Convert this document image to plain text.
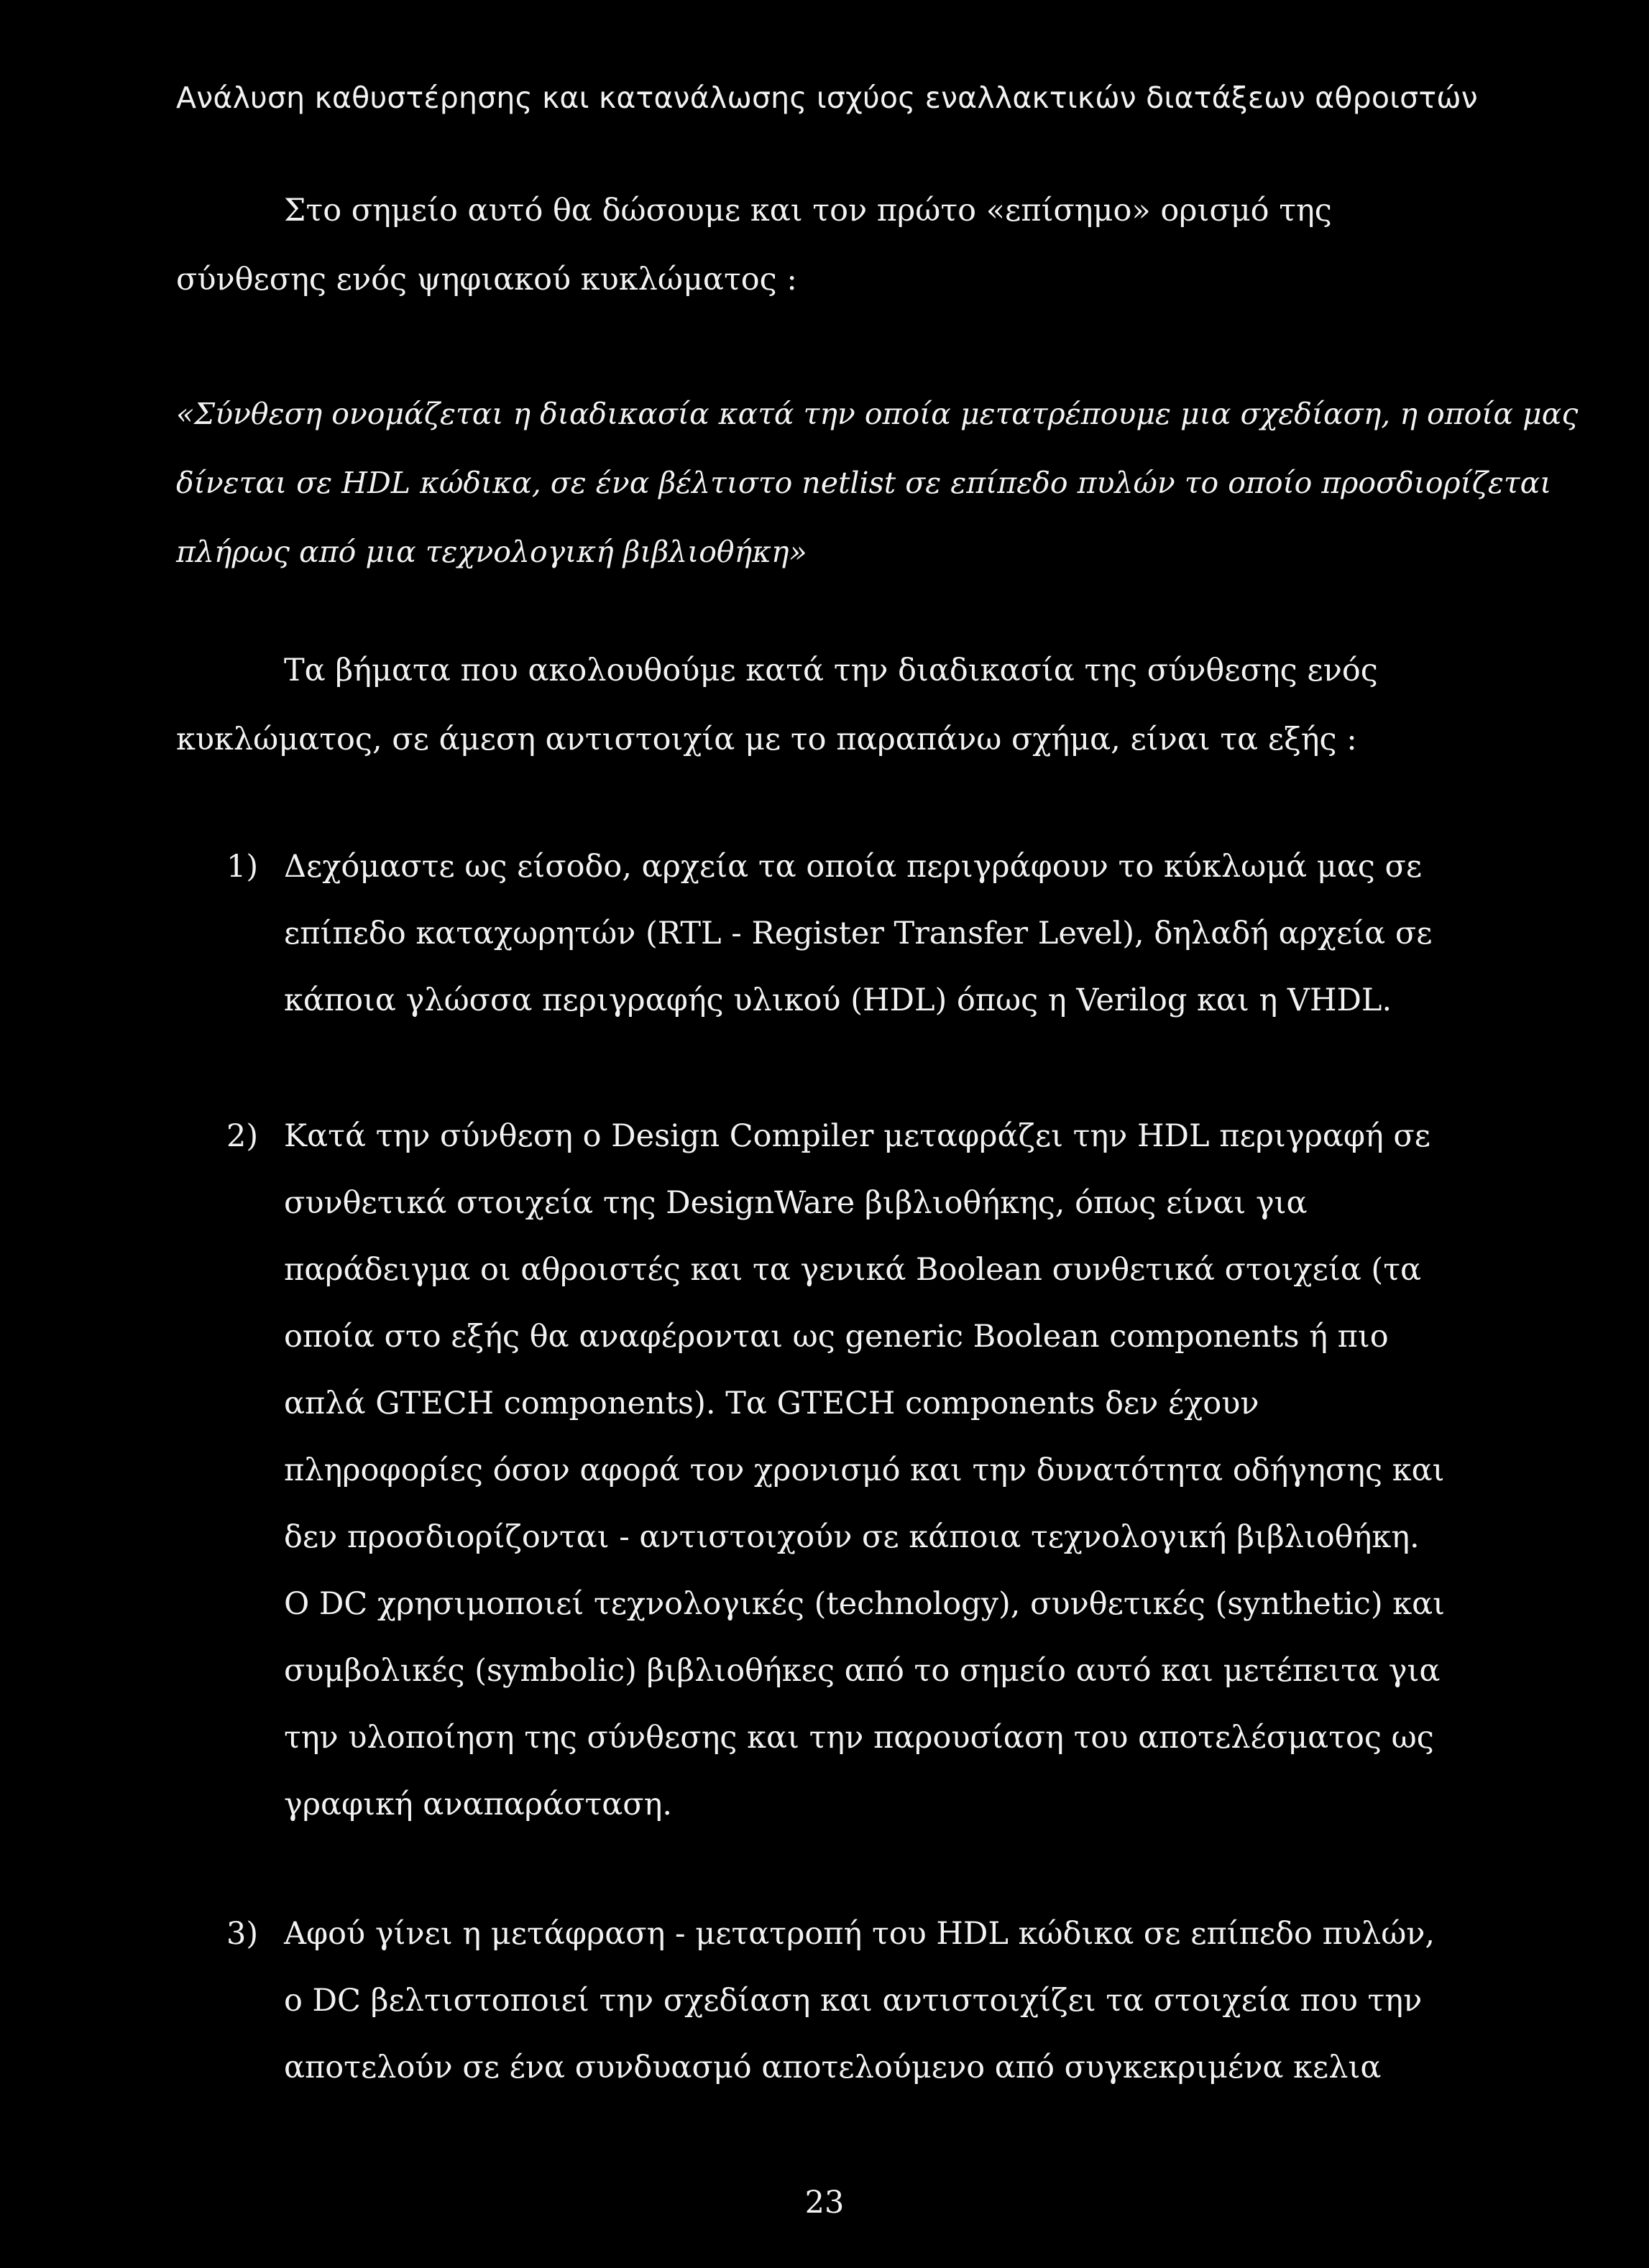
Ανάλυση καθυστέρησης και κατανάλωσης ισχύος εναλλακτικών διατάξεων αθροιστών
Στο σημείο αυτό θα δώσουμε και τον πρώτο «επίσημο» ορισμό της
σύνθεσης ενός ψηφιακού κυκλώματος :
«Σύνθεση ονομάζεται η διαδικασία κατά την οποία μετατρέπουμε μια σχεδίαση, η οποία μας
δίνεται σε HDL κώδικα, σε ένα βέλτιστο netlist σε επίπεδο πυλών το οποίο προσδιορίζεται
πλήρως από μια τεχνολογική βιβλιοθήκη»
Τα βήματα που ακολουθούμε κατά την διαδικασία της σύνθεσης ενός
κυκλώματος, σε άμεση αντιστοιχία με το παραπάνω σχήμα, είναι τα εξής :
1) Δεχόμαστε ως είσοδο, αρχεία τα οποία περιγράφουν το κύκλωμά μας σε
επίπεδο καταχωρητών (RTL - Register Transfer Level), δηλαδή αρχεία σε
κάποια γλώσσα περιγραφής υλικού (HDL) όπως η Verilog και η VHDL.
2) Κατά την σύνθεση ο Design Compiler μεταφράζει την HDL περιγραφή σε
συνθετικά στοιχεία της DesignWare βιβλιοθήκης, όπως είναι για
παράδειγμα οι αθροιστές και τα γενικά Boolean συνθετικά στοιχεία (τα
οποία στο εξής θα αναφέρονται ως generic Boolean components ή πιο
απλά GTECH components). Τα GTECH components δεν έχουν
πληροφορίες όσον αφορά τον χρονισμό και την δυνατότητα οδήγησης και
δεν προσδιορίζονται - αντιστοιχούν σε κάποια τεχνολογική βιβλιοθήκη.
Ο DC χρησιμοποιεί τεχνολογικές (technology), συνθετικές (synthetic) και
συμβολικές (symbolic) βιβλιοθήκες από το σημείο αυτό και μετέπειτα για
την υλοποίηση της σύνθεσης και την παρουσίαση του αποτελέσματος ως
γραφική αναπαράσταση.
3) Αφού γίνει η μετάφραση - μετατροπή του HDL κώδικα σε επίπεδο πυλών,
ο DC βελτιστοποιεί την σχεδίαση και αντιστοιχίζει τα στοιχεία που την
αποτελούν σε ένα συνδυασμό αποτελούμενο από συγκεκριμένα κελια
23
